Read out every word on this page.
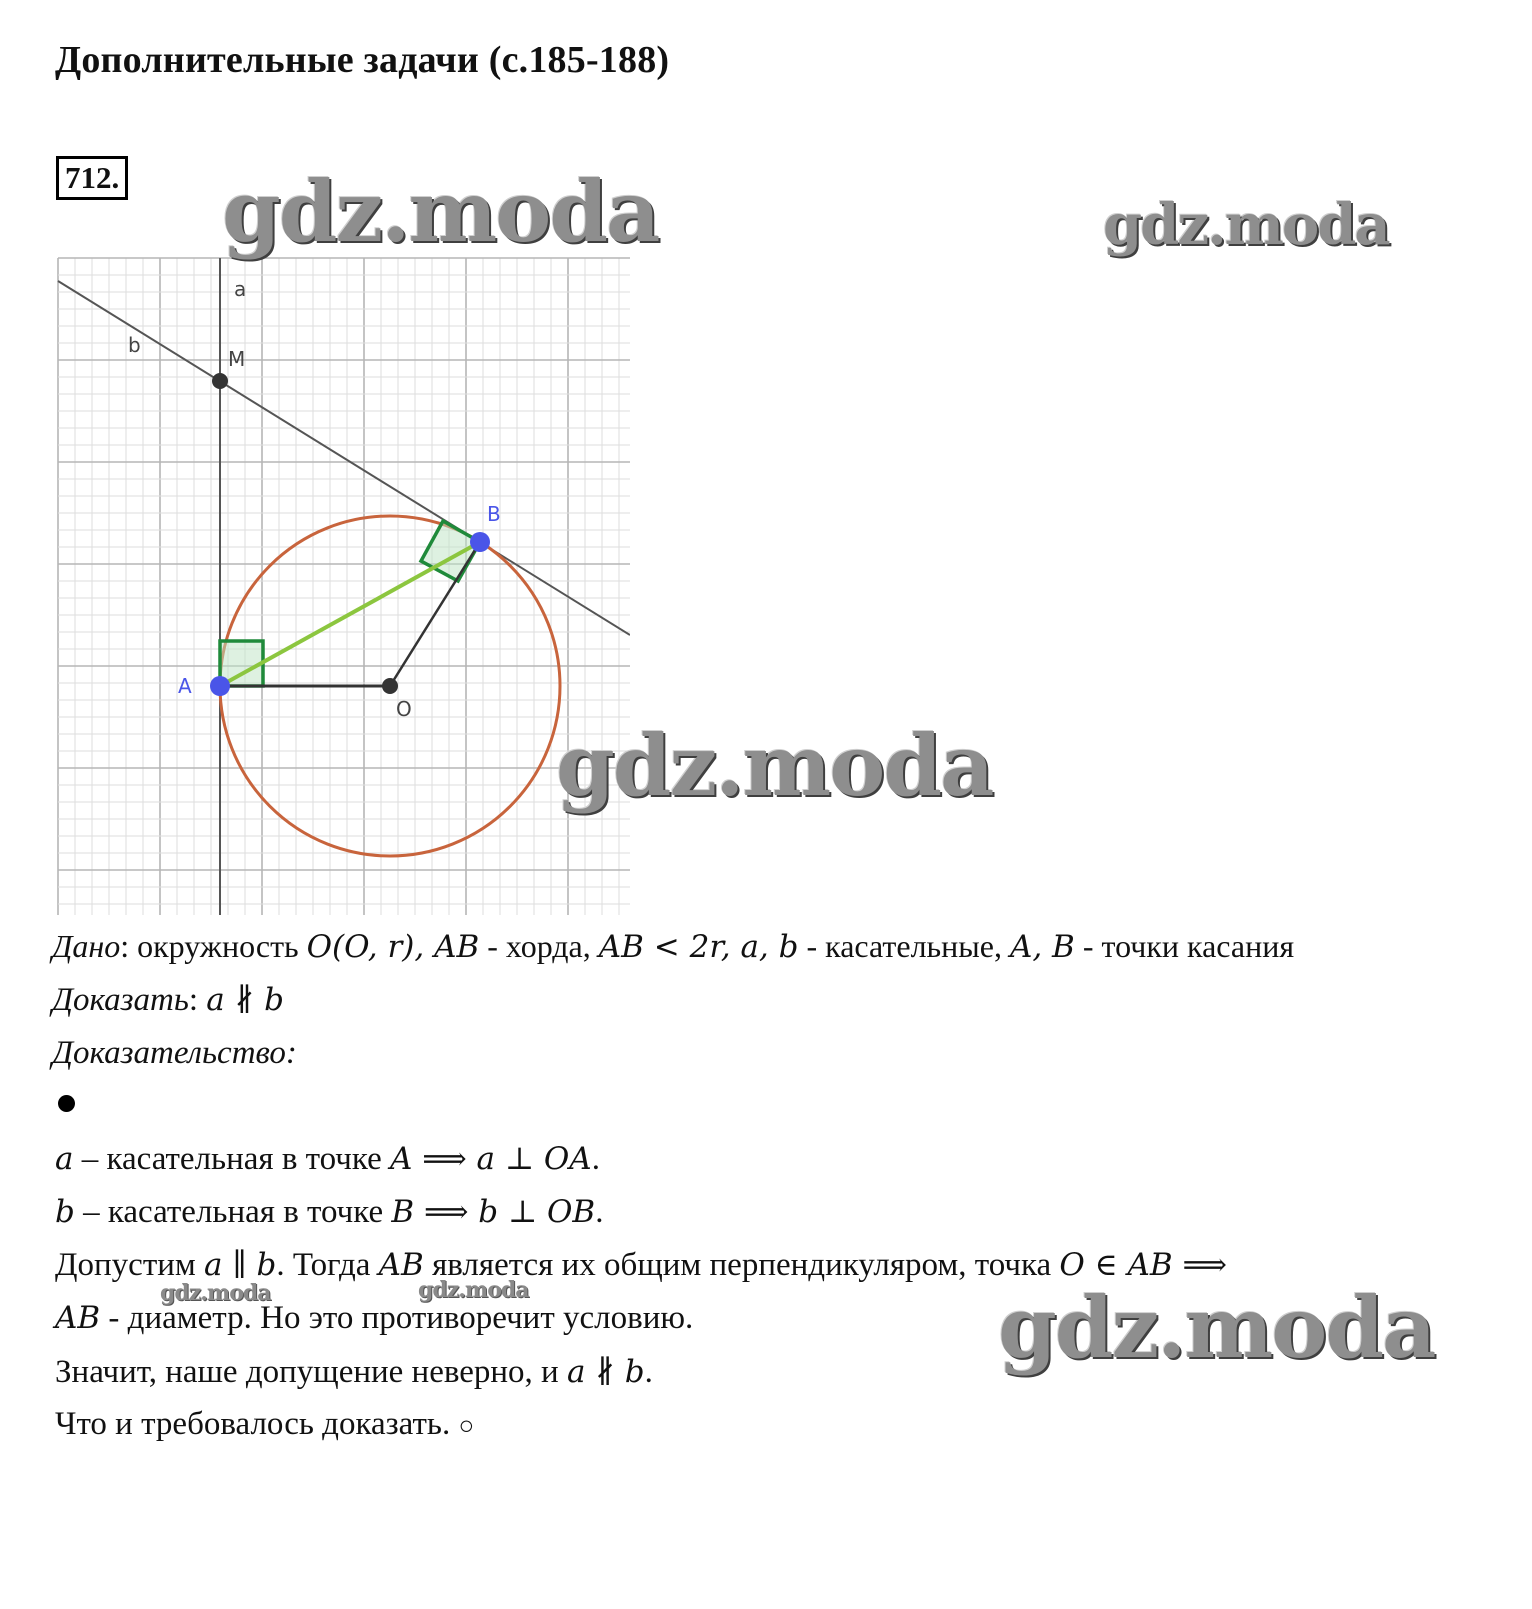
Дополнительные задачи (с.185-188)
712.
a
b
M
A
B
O
gdz.moda	gdz.moda
gdz.moda
gdz.moda	gdz.moda	gdz.moda
Дано: окружность O(O, r), AB - хорда, AB < 2r, a, b - касательные, A, B - точки касания
Доказать: a ∦ b
Доказательство:
a – касательная в точке A ⟹ a ⊥ OA.
b – касательная в точке B ⟹ b ⊥ OB.
Допустим a ∥ b. Тогда AB является их общим перпендикуляром, точка O ∈ AB ⟹
AB - диаметр. Но это противоречит условию.
Значит, наше допущение неверно, и a ∦ b.
Что и требовалось доказать. ○
